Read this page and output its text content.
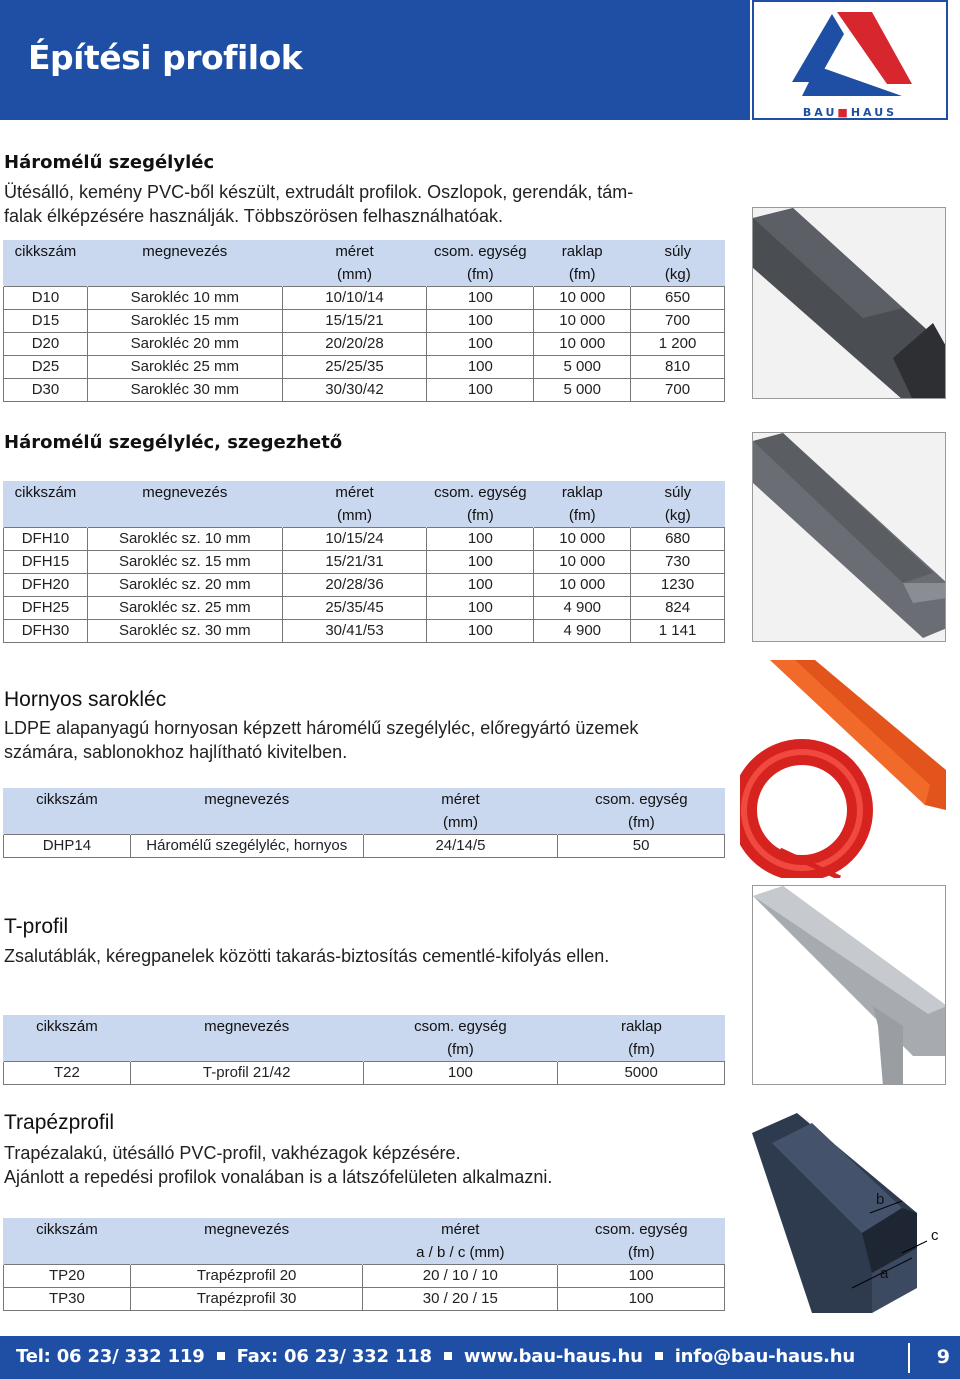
Építési profilok
BAU■HAUS
Háromélű szegélyléc
Ütésálló, kemény PVC-ből készült, extrudált profilok. Oszlopok, gerendák, tám-
falak élképzésére használják. Többszörösen felhasználhatóak.
cikkszám	megnevezés	méret	csom. egység	raklap	súly
		(mm)	(fm)	(fm)	(kg)
D10	Sarokléc 10 mm	10/10/14	100	10 000	650
D15	Sarokléc 15 mm	15/15/21	100	10 000	700
D20	Sarokléc 20 mm	20/20/28	100	10 000	1 200
D25	Sarokléc 25 mm	25/25/35	100	5 000	810
D30	Sarokléc 30 mm	30/30/42	100	5 000	700
Háromélű szegélyléc, szegezhető
cikkszám	megnevezés	méret	csom. egység	raklap	súly
		(mm)	(fm)	(fm)	(kg)
DFH10	Sarokléc sz. 10 mm	10/15/24	100	10 000	680
DFH15	Sarokléc sz. 15 mm	15/21/31	100	10 000	730
DFH20	Sarokléc sz. 20 mm	20/28/36	100	10 000	1230
DFH25	Sarokléc sz. 25 mm	25/35/45	100	4 900	824
DFH30	Sarokléc sz. 30 mm	30/41/53	100	4 900	1 141
Hornyos sarokléc
LDPE alapanyagú hornyosan képzett háromélű szegélyléc, előregyártó üzemek
számára, sablonokhoz hajlítható kivitelben.
cikkszám	megnevezés	méret	csom. egység
		(mm)	(fm)
DHP14	Háromélű szegélyléc, hornyos	24/14/5	50
T-profil
Zsalutáblák, kéregpanelek közötti takarás-biztosítás cementlé-kifolyás ellen.
cikkszám	megnevezés	csom. egység	raklap
		(fm)	(fm)
T22	T-profil 21/42	100	5000
Trapézprofil
Trapézalakú, ütésálló PVC-profil, vakhézagok képzésére.
Ajánlott a repedési profilok vonalában is a látszófelületen alkalmazni.
cikkszám	megnevezés	méret	csom. egység
		a / b / c (mm)	(fm)
TP20	Trapézprofil 20	20 / 10 / 10	100
TP30	Trapézprofil 30	30 / 20 / 15	100
b
c
a
Tel: 06 23/ 332 119 Fax: 06 23/ 332 118 www.bau-haus.hu info@bau-haus.hu	9
